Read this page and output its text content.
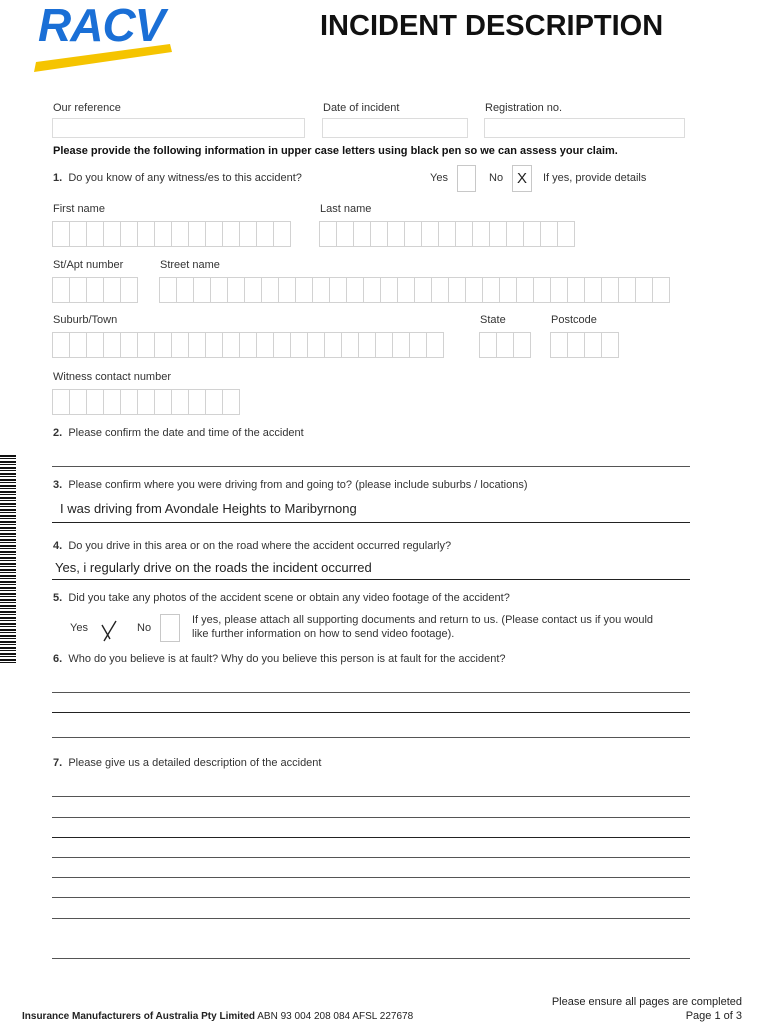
RACV	INCIDENT DESCRIPTION
Our reference	Date of incident	Registration no.
Please provide the following information in upper case letters using black pen so we can assess your claim.
1. Do you know of any witness/es to this accident?	Yes	No X	If yes, provide details
First name	Last name
St/Apt number	Street name
Suburb/Town	State	Postcode
Witness contact number
2. Please confirm the date and time of the accident
3. Please confirm where you were driving from and going to? (please include suburbs / locations)
I was driving from Avondale Heights to Maribyrnong
4. Do you drive in this area or on the road where the accident occurred regularly?
Yes, i regularly drive on the roads the incident occurred
5. Did you take any photos of the accident scene or obtain any video footage of the accident?
Yes	No
If yes, please attach all supporting documents and return to us. (Please contact us if you would
like further information on how to send video footage).
6. Who do you believe is at fault? Why do you believe this person is at fault for the accident?
7. Please give us a detailed description of the accident
Insurance Manufacturers of Australia Pty Limited ABN 93 004 208 084 AFSL 227678
Please ensure all pages are completed
Page 1 of 3
